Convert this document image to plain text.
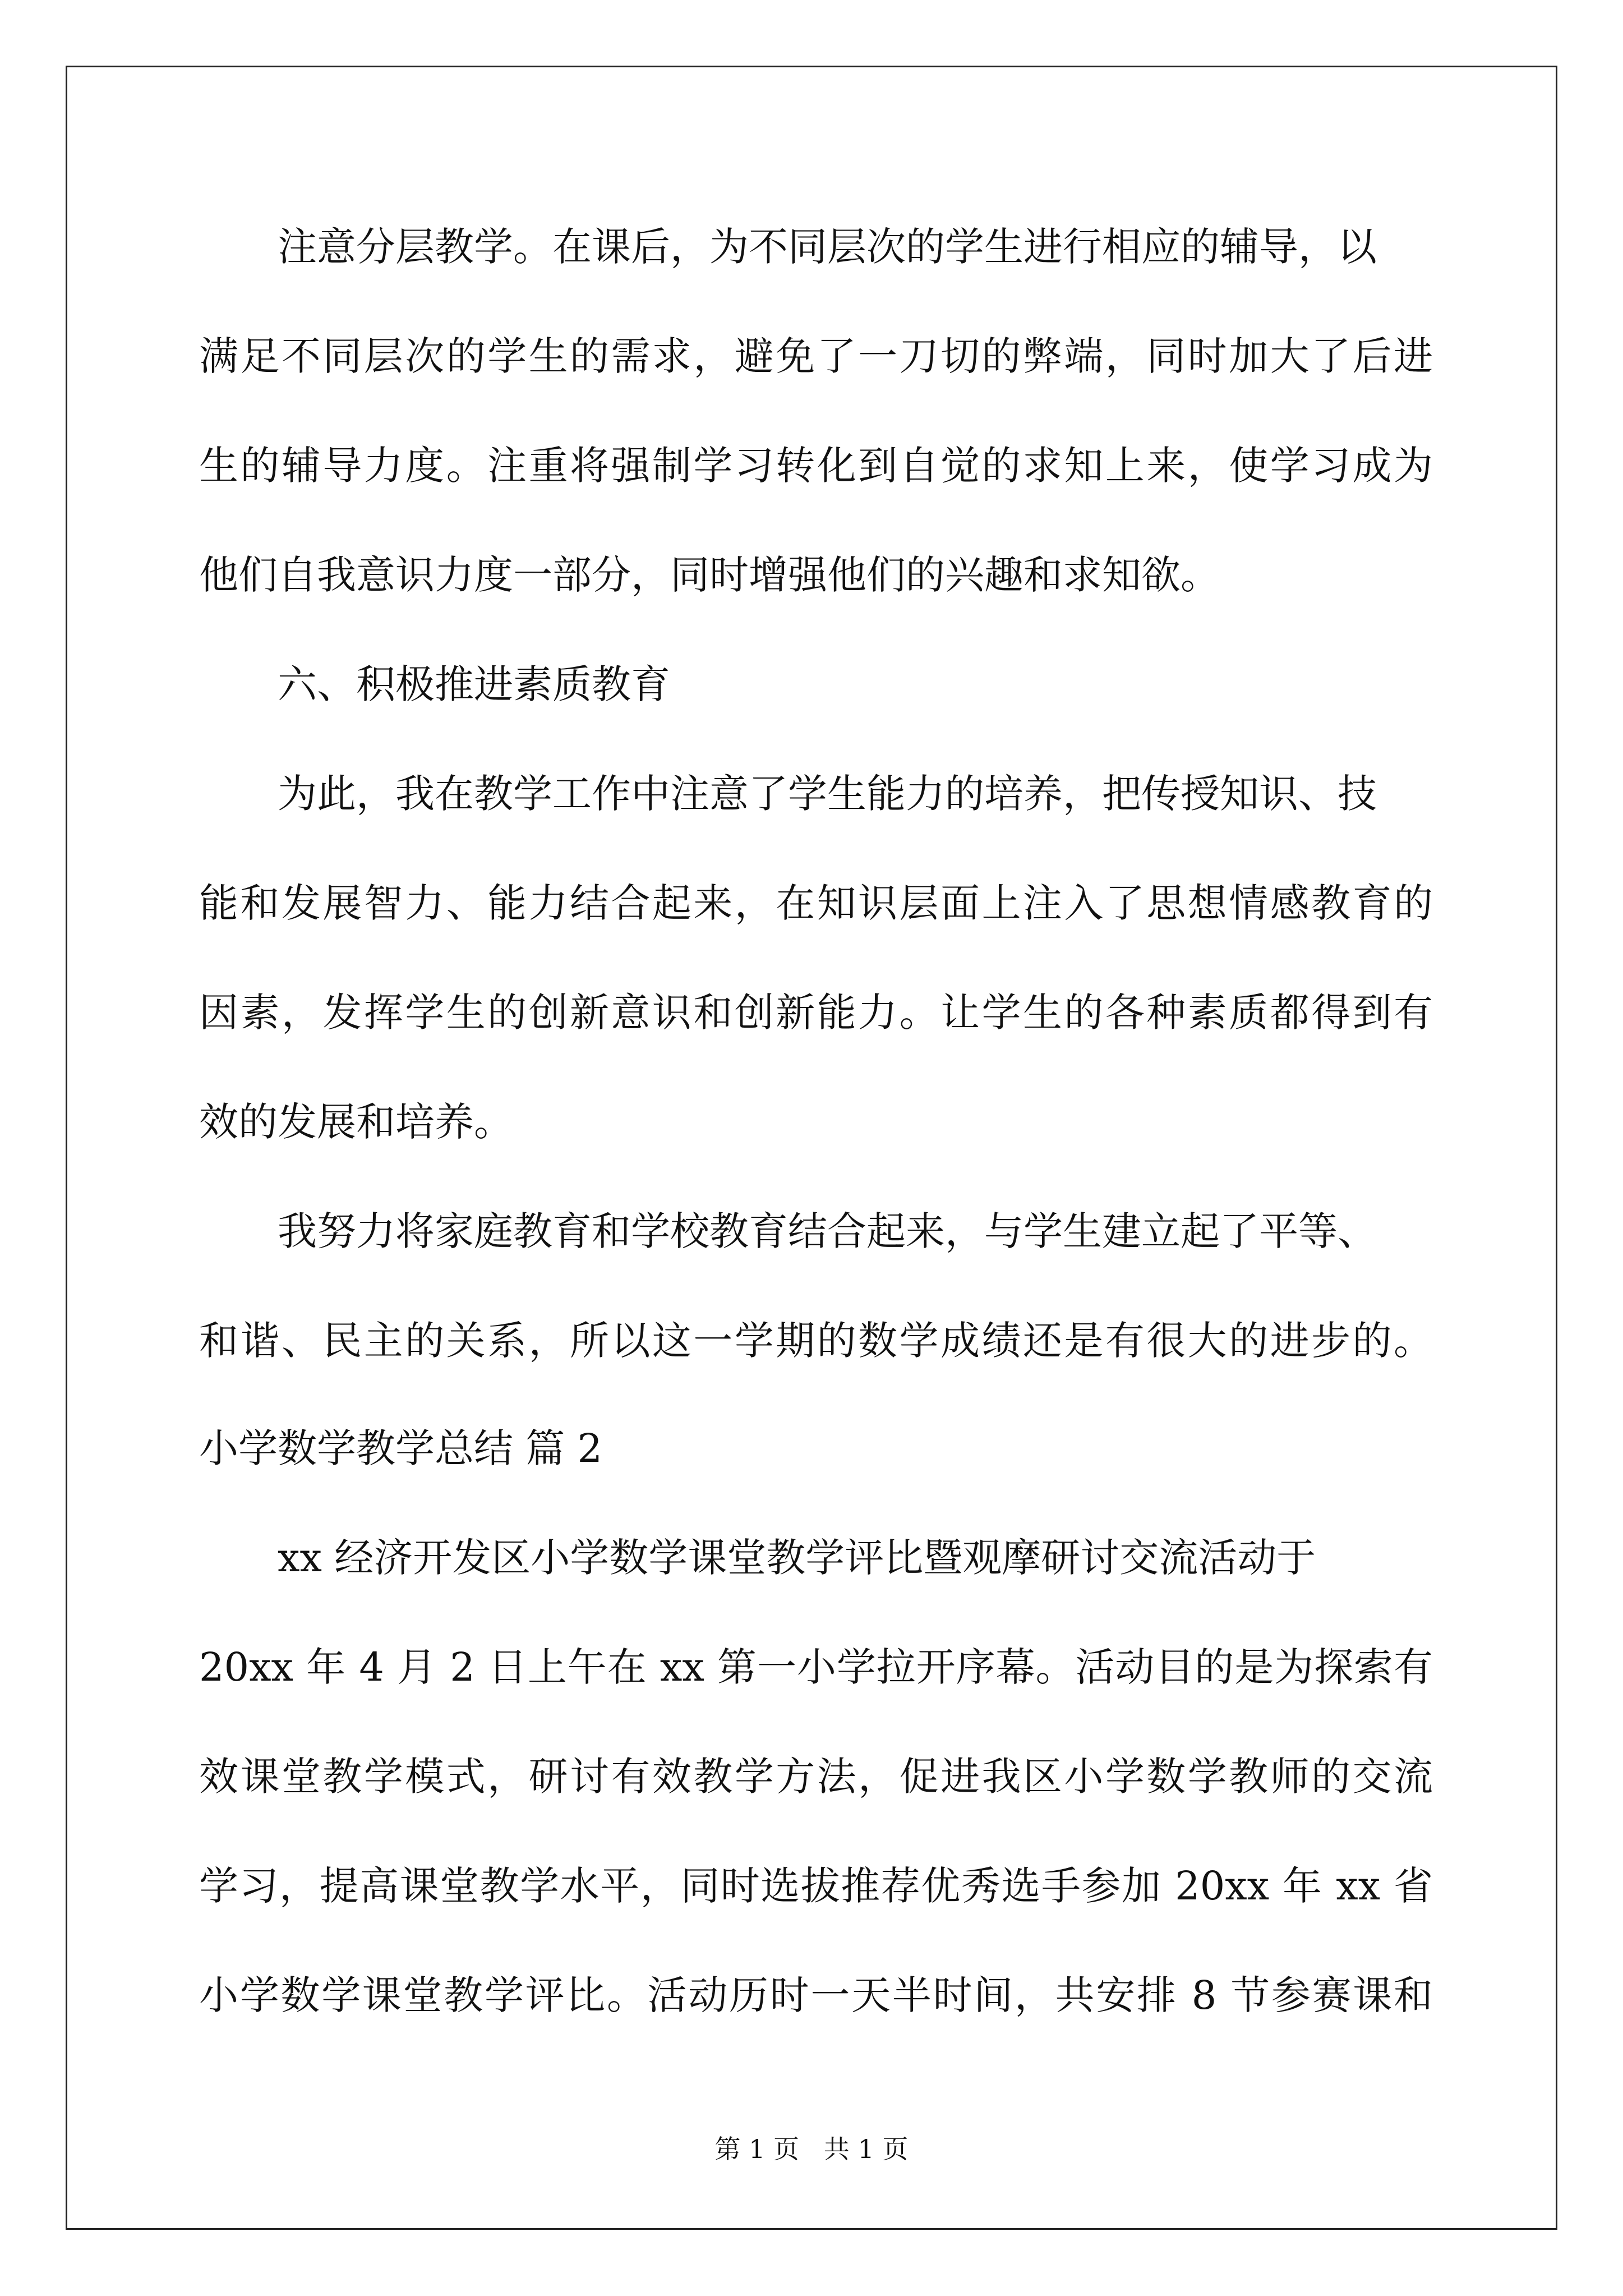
注意分层教学。在课后，为不同层次的学生进行相应的辅导，以
满足不同层次的学生的需求，避免了一刀切的弊端，同时加大了后进
生的辅导力度。注重将强制学习转化到自觉的求知上来，使学习成为
他们自我意识力度一部分，同时增强他们的兴趣和求知欲。
六、积极推进素质教育
为此，我在教学工作中注意了学生能力的培养，把传授知识、技
能和发展智力、能力结合起来，在知识层面上注入了思想情感教育的
因素，发挥学生的创新意识和创新能力。让学生的各种素质都得到有
效的发展和培养。
我努力将家庭教育和学校教育结合起来，与学生建立起了平等、
和谐、民主的关系，所以这一学期的数学成绩还是有很大的进步的。
小学数学教学总结 篇 2
xx 经济开发区小学数学课堂教学评比暨观摩研讨交流活动于
20xx 年 4 月 2 日上午在 xx 第一小学拉开序幕。活动目的是为探索有
效课堂教学模式，研讨有效教学方法，促进我区小学数学教师的交流
学习，提高课堂教学水平，同时选拔推荐优秀选手参加 20xx 年 xx 省
小学数学课堂教学评比。活动历时一天半时间，共安排 8 节参赛课和
第 1 页   共 1 页
